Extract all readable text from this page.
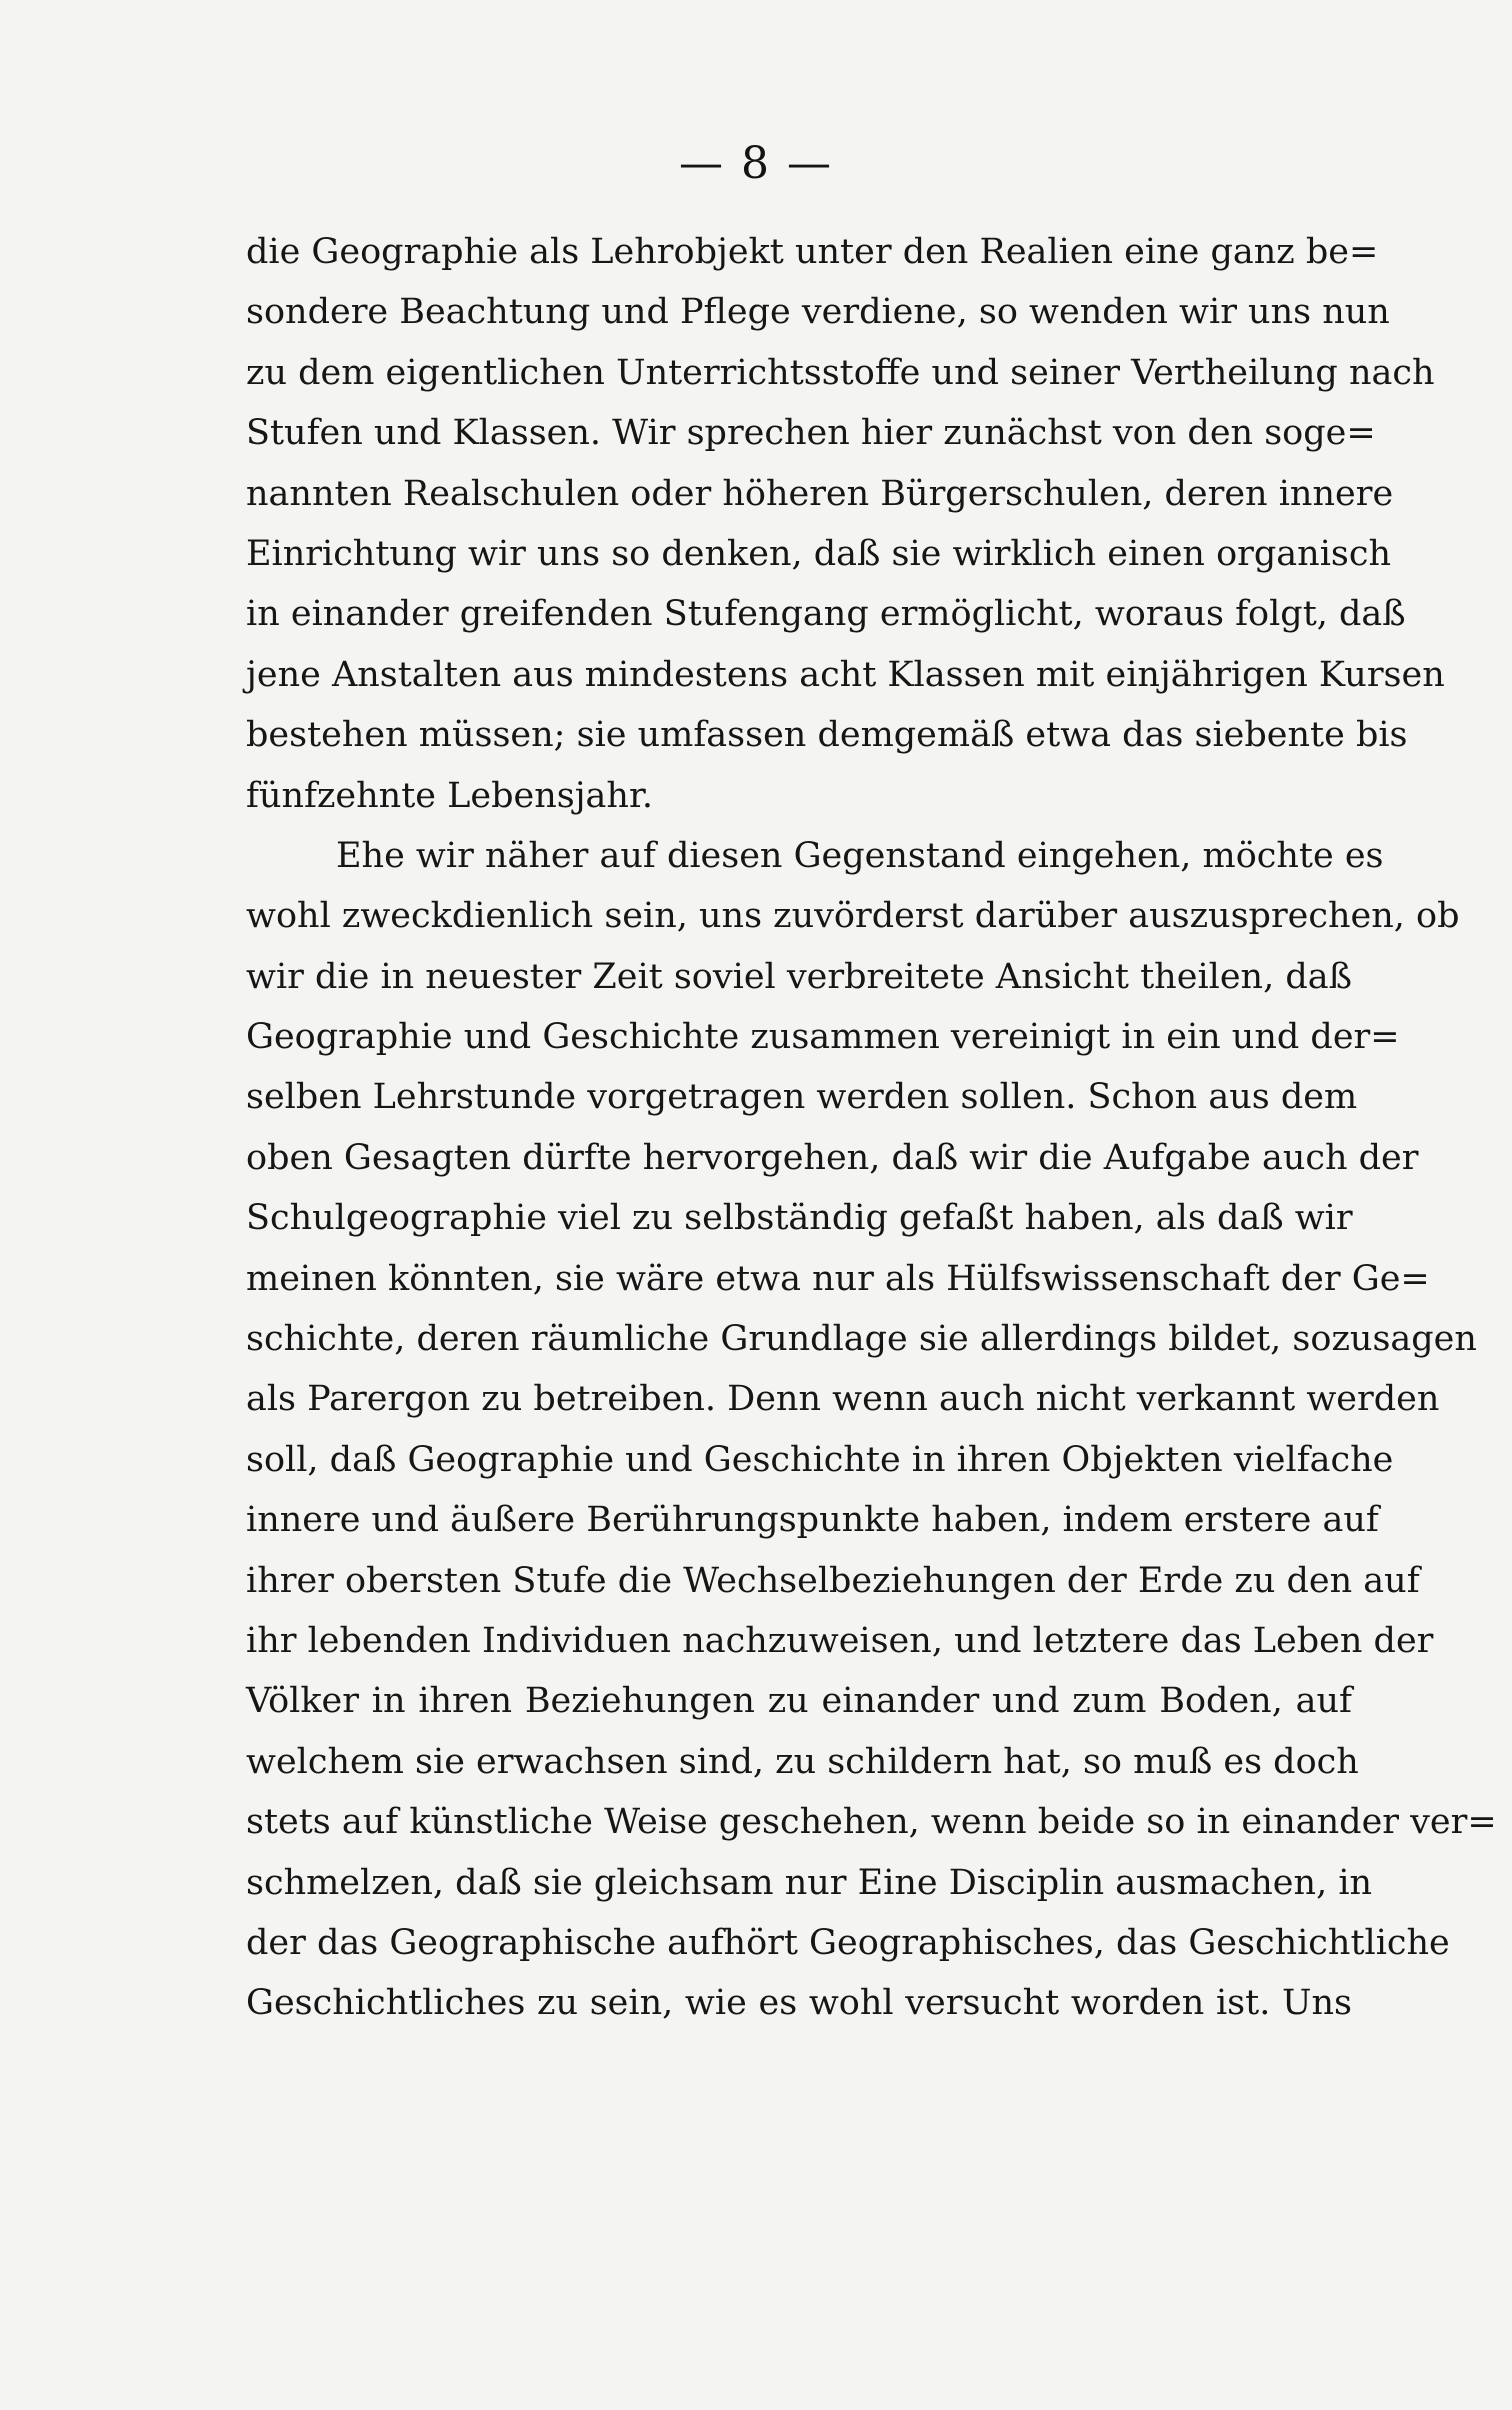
— 8 —
die Geographie als Lehrobjekt unter den Realien eine ganz be=
sondere Beachtung und Pflege verdiene, so wenden wir uns nun
zu dem eigentlichen Unterrichtsstoffe und seiner Vertheilung nach
Stufen und Klassen. Wir sprechen hier zunächst von den soge=
nannten Realschulen oder höheren Bürgerschulen, deren innere
Einrichtung wir uns so denken, daß sie wirklich einen organisch
in einander greifenden Stufengang ermöglicht, woraus folgt, daß
jene Anstalten aus mindestens acht Klassen mit einjährigen Kursen
bestehen müssen; sie umfassen demgemäß etwa das siebente bis
fünfzehnte Lebensjahr.
Ehe wir näher auf diesen Gegenstand eingehen, möchte es
wohl zweckdienlich sein, uns zuvörderst darüber auszusprechen, ob
wir die in neuester Zeit soviel verbreitete Ansicht theilen, daß
Geographie und Geschichte zusammen vereinigt in ein und der=
selben Lehrstunde vorgetragen werden sollen. Schon aus dem
oben Gesagten dürfte hervorgehen, daß wir die Aufgabe auch der
Schulgeographie viel zu selbständig gefaßt haben, als daß wir
meinen könnten, sie wäre etwa nur als Hülfswissenschaft der Ge=
schichte, deren räumliche Grundlage sie allerdings bildet, sozusagen
als Parergon zu betreiben. Denn wenn auch nicht verkannt werden
soll, daß Geographie und Geschichte in ihren Objekten vielfache
innere und äußere Berührungspunkte haben, indem erstere auf
ihrer obersten Stufe die Wechselbeziehungen der Erde zu den auf
ihr lebenden Individuen nachzuweisen, und letztere das Leben der
Völker in ihren Beziehungen zu einander und zum Boden, auf
welchem sie erwachsen sind, zu schildern hat, so muß es doch
stets auf künstliche Weise geschehen, wenn beide so in einander ver=
schmelzen, daß sie gleichsam nur Eine Disciplin ausmachen, in
der das Geographische aufhört Geographisches, das Geschichtliche
Geschichtliches zu sein, wie es wohl versucht worden ist. Uns
